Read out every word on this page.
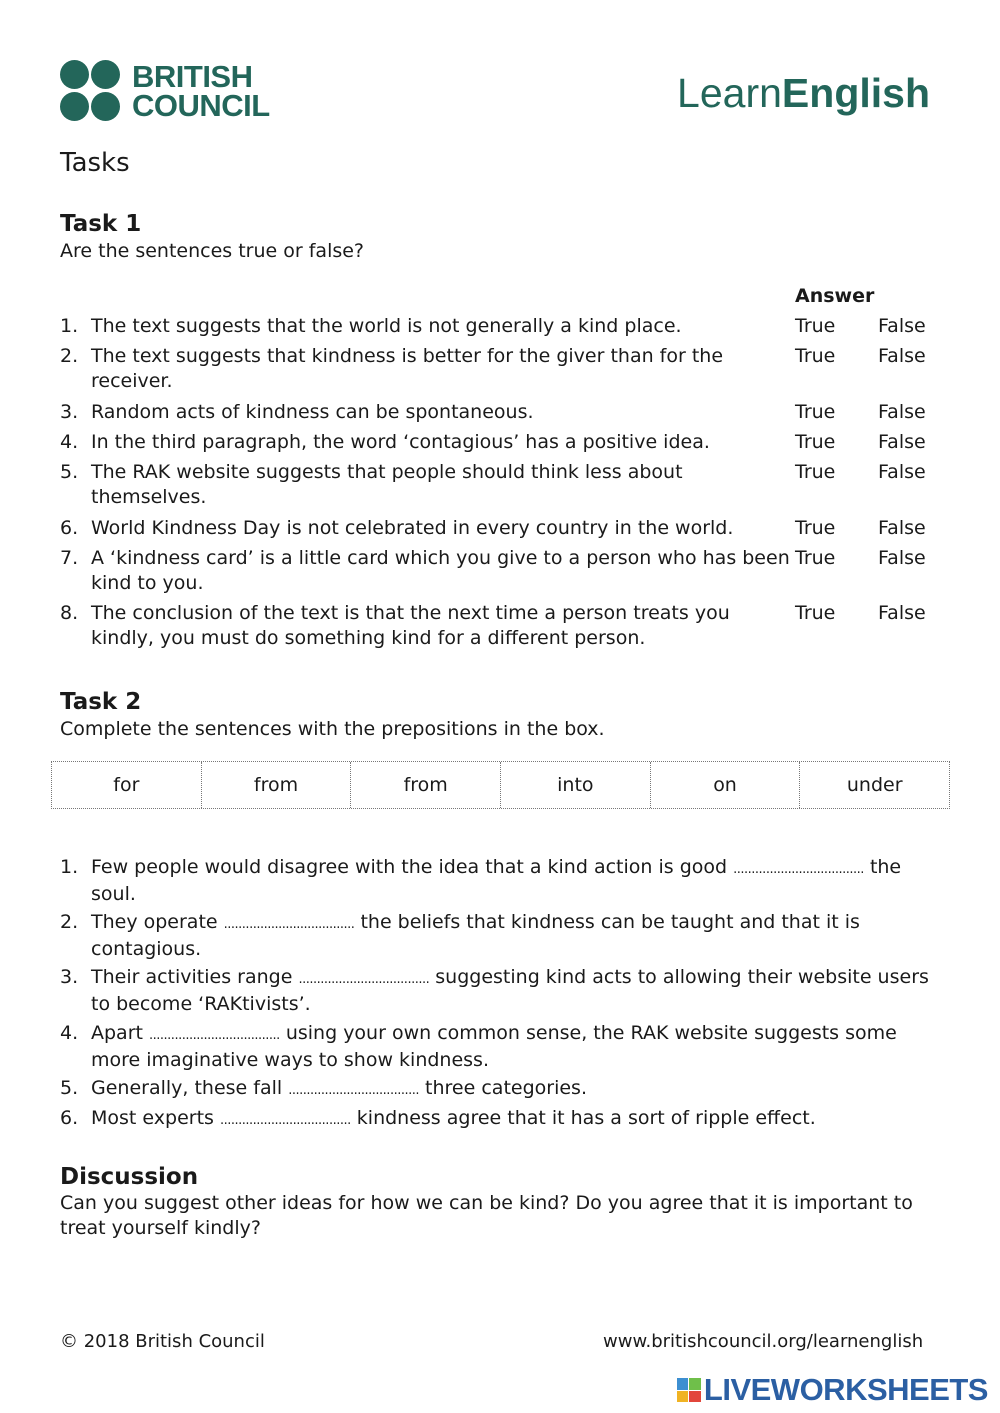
BRITISH
COUNCIL	LearnEnglish
Tasks
Task 1
Are the sentences true or false?
Answer
1. The text suggests that the world is not generally a kind place.	True	False
2. The text suggests that kindness is better for the giver than for the receiver.
True	False
3. Random acts of kindness can be spontaneous.	True	False
4. In the third paragraph, the word ‘contagious’ has a positive idea.	True	False
5. The RAK website suggests that people should think less about themselves.
True	False
6. World Kindness Day is not celebrated in every country in the world.	True	False
7. A ‘kindness card’ is a little card which you give to a person who has been kind to you.
True	False
8. The conclusion of the text is that the next time a person treats you kindly, you must do something kind for a different person.
True	False
Task 2
Complete the sentences with the prepositions in the box.
for	from	from	into	on	under
1. Few people would disagree with the idea that a kind action is good .................................... the soul.
2. They operate .................................... the beliefs that kindness can be taught and that it is contagious.
3. Their activities range .................................... suggesting kind acts to allowing their website users to become ‘RAKtivists’.
4. Apart .................................... using your own common sense, the RAK website suggests some more imaginative ways to show kindness.
5. Generally, these fall .................................... three categories.
6. Most experts .................................... kindness agree that it has a sort of ripple effect.
Discussion
Can you suggest other ideas for how we can be kind? Do you agree that it is important to treat yourself kindly?
© 2018 British Council	www.britishcouncil.org/learnenglish
LIVEWORKSHEETS
